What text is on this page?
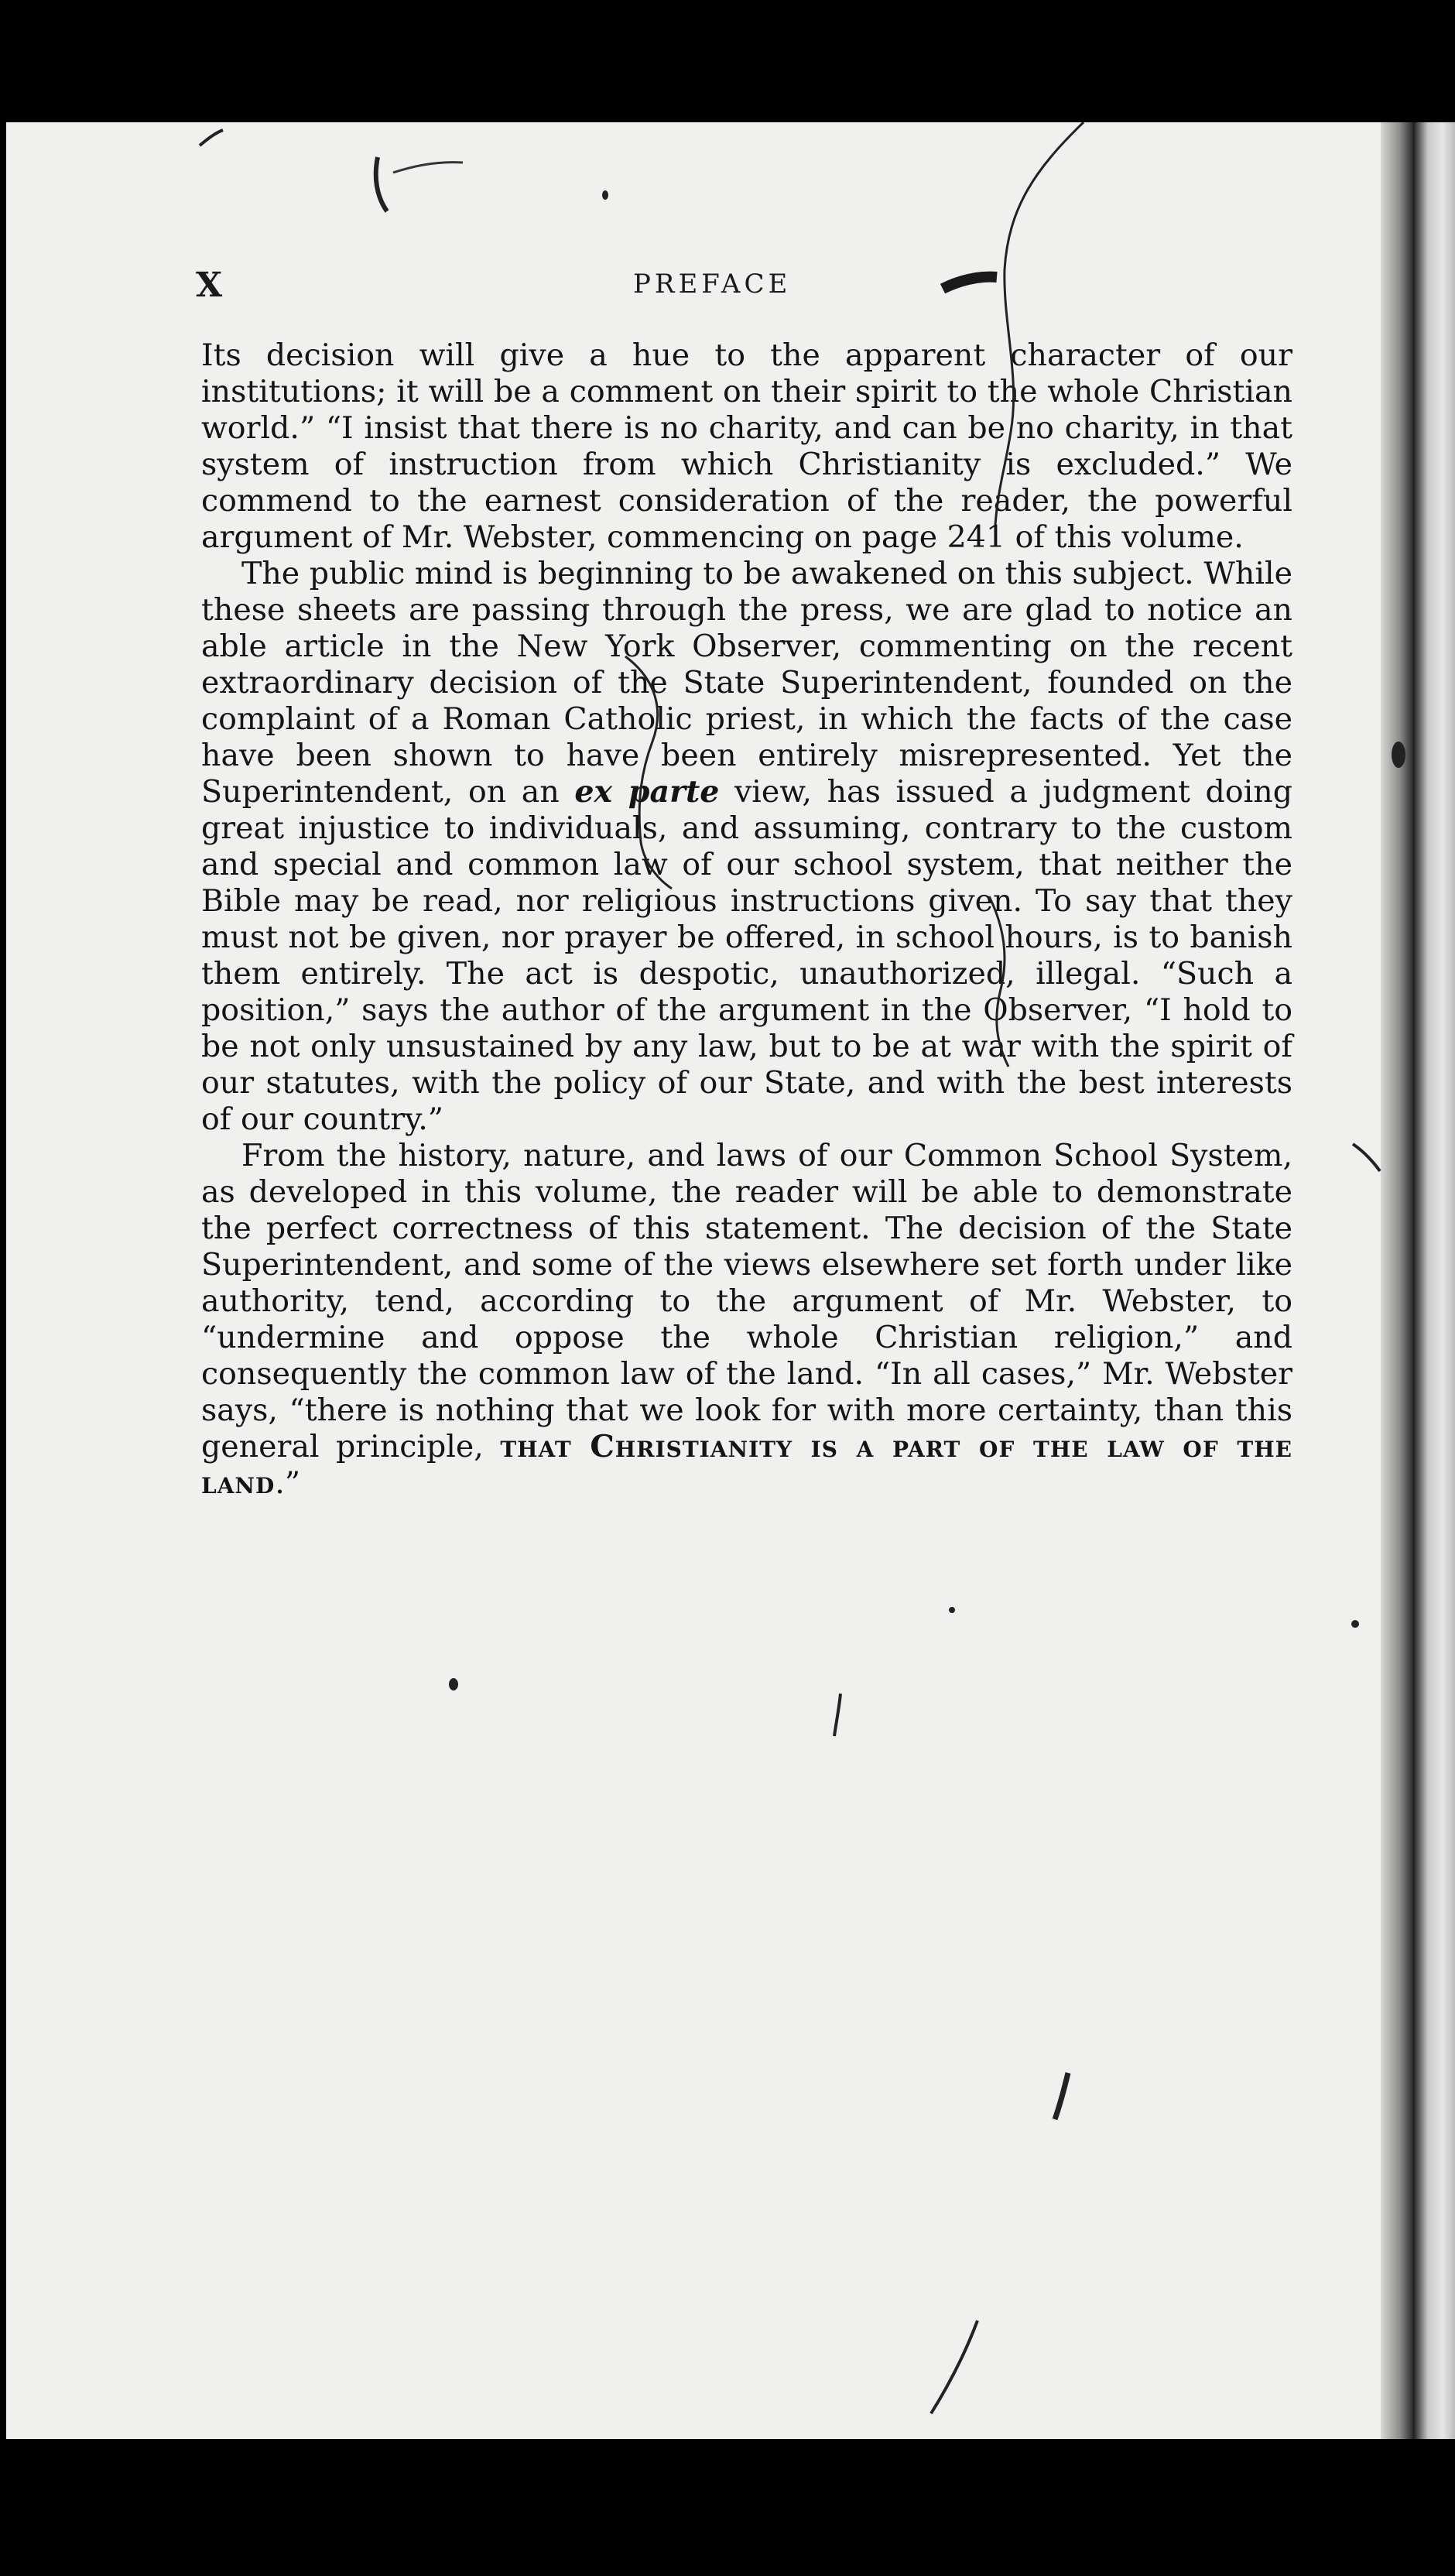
X	PREFACE

Its decision will give a hue to the apparent character of our institutions; it will be a comment on their spirit to the whole Christian world.” “I insist that there is no charity, and can be no charity, in that system of instruction from which Christianity is excluded.” We commend to the earnest consideration of the reader, the powerful argument of Mr. Webster, commencing on page 241 of this volume.

The public mind is beginning to be awakened on this subject. While these sheets are passing through the press, we are glad to notice an able article in the New York Observer, commenting on the recent extraordinary decision of the State Superintendent, founded on the complaint of a Roman Catholic priest, in which the facts of the case have been shown to have been entirely misrepresented. Yet the Superintendent, on an ex parte view, has issued a judgment doing great injustice to individuals, and assuming, contrary to the custom and special and common law of our school system, that neither the Bible may be read, nor religious instructions given. To say that they must not be given, nor prayer be offered, in school hours, is to banish them entirely. The act is despotic, unauthorized, illegal. “Such a position,” says the author of the argument in the Observer, “I hold to be not only unsustained by any law, but to be at war with the spirit of our statutes, with the policy of our State, and with the best interests of our country.”

From the history, nature, and laws of our Common School System, as developed in this volume, the reader will be able to demonstrate the perfect correctness of this statement. The decision of the State Superintendent, and some of the views elsewhere set forth under like authority, tend, according to the argument of Mr. Webster, to “undermine and oppose the whole Christian religion,” and consequently the common law of the land. “In all cases,” Mr. Webster says, “there is nothing that we look for with more certainty, than this general principle, that Christianity is a part of the law of the land.”
